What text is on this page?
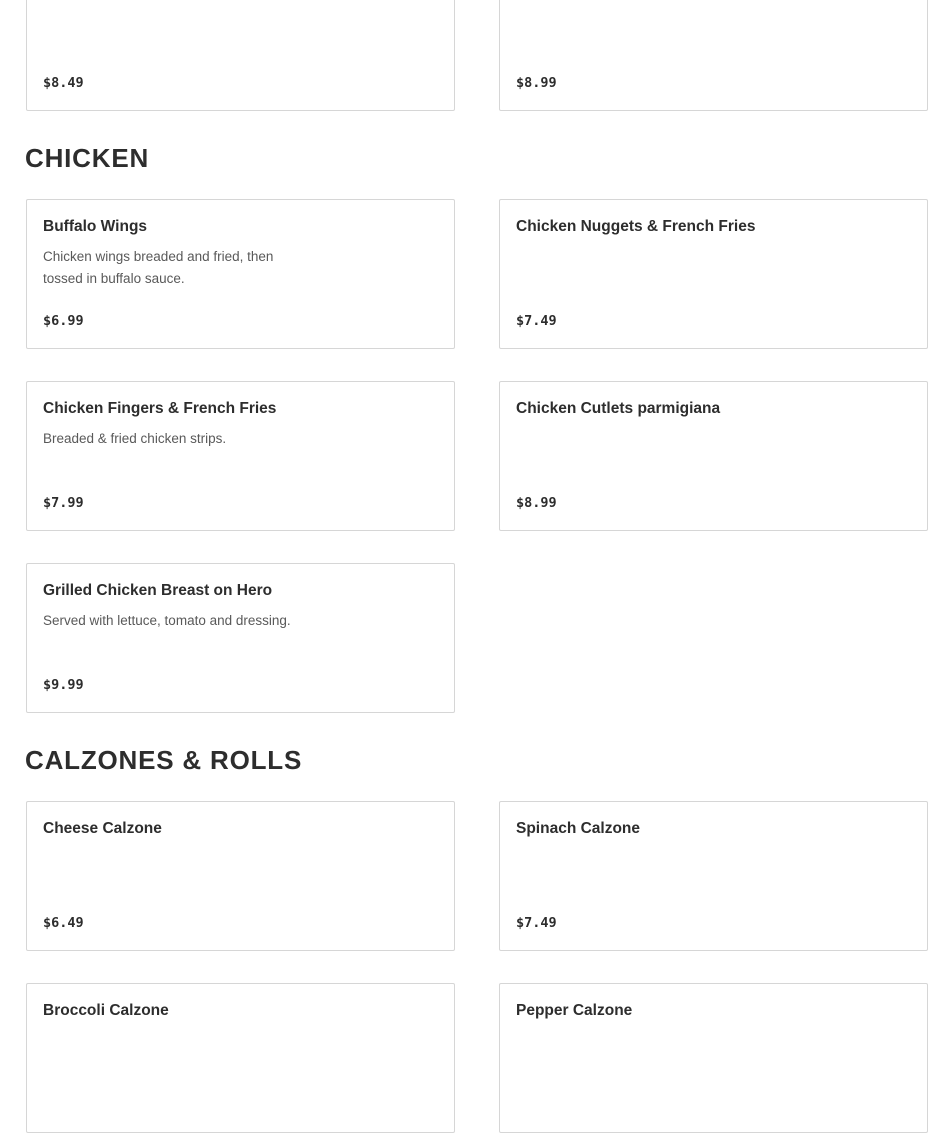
$8.49	$8.99
CHICKEN
Buffalo Wings
Chicken wings breaded and fried, then tossed in buffalo sauce.
$6.99
Chicken Nuggets & French Fries
$7.49
Chicken Fingers & French Fries
Breaded & fried chicken strips.
$7.99
Chicken Cutlets parmigiana
$8.99
Grilled Chicken Breast on Hero
Served with lettuce, tomato and dressing.
$9.99
CALZONES & ROLLS
Cheese Calzone
$6.49
Spinach Calzone
$7.49
Broccoli Calzone	Pepper Calzone
